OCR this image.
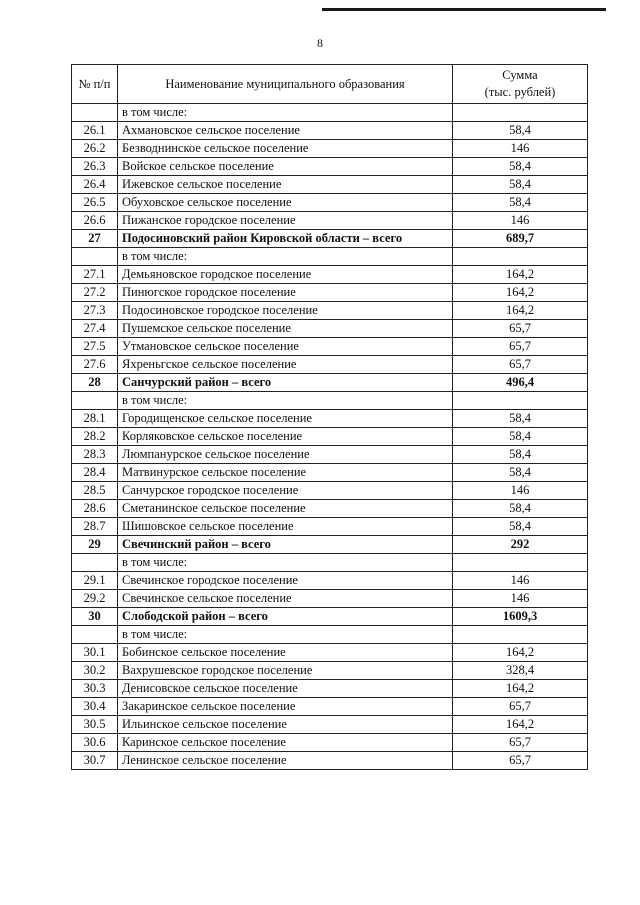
8
№ п/п	Наименование муниципального образования	Сумма
(тыс. рублей)
	в том числе:	
26.1	Ахмановское сельское поселение	58,4
26.2	Безводнинское сельское поселение	146
26.3	Войское сельское поселение	58,4
26.4	Ижевское сельское поселение	58,4
26.5	Обуховское сельское поселение	58,4
26.6	Пижанское городское поселение	146
27	Подосиновский район Кировской области – всего	689,7
	в том числе:	
27.1	Демьяновское городское поселение	164,2
27.2	Пинюгское городское поселение	164,2
27.3	Подосиновское городское поселение	164,2
27.4	Пушемское сельское поселение	65,7
27.5	Утмановское сельское поселение	65,7
27.6	Яхреньгское сельское поселение	65,7
28	Санчурский район – всего	496,4
	в том числе:	
28.1	Городищенское сельское поселение	58,4
28.2	Корляковское сельское поселение	58,4
28.3	Люмпанурское сельское поселение	58,4
28.4	Матвинурское сельское поселение	58,4
28.5	Санчурское городское поселение	146
28.6	Сметанинское сельское поселение	58,4
28.7	Шишовское сельское поселение	58,4
29	Свечинский район – всего	292
	в том числе:	
29.1	Свечинское городское поселение	146
29.2	Свечинское сельское поселение	146
30	Слободской район – всего	1609,3
	в том числе:	
30.1	Бобинское сельское поселение	164,2
30.2	Вахрушевское городское поселение	328,4
30.3	Денисовское сельское поселение	164,2
30.4	Закаринское сельское поселение	65,7
30.5	Ильинское сельское поселение	164,2
30.6	Каринское сельское поселение	65,7
30.7	Ленинское сельское поселение	65,7
